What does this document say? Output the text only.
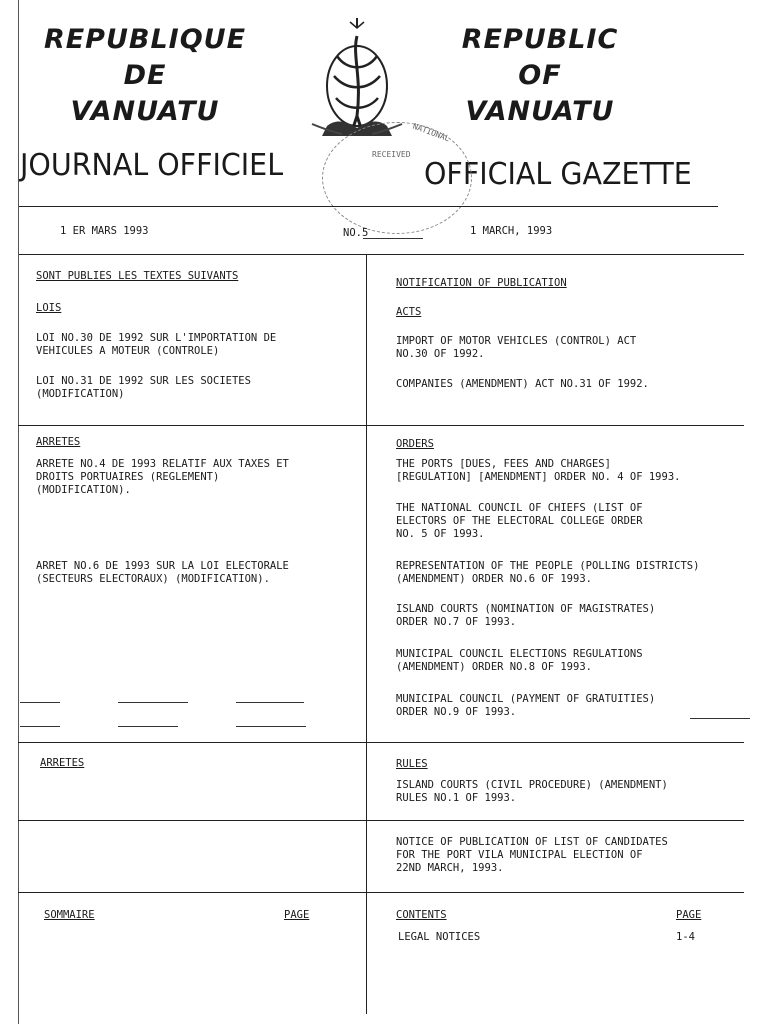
REPUBLIQUE
DE
VANUATU
REPUBLIC
OF
VANUATU
JOURNAL OFFICIEL	OFFICIAL GAZETTE
RECEIVED
NATIONAL
1 ER MARS 1993	NO.5	1 MARCH, 1993
SONT PUBLIES LES TEXTES SUIVANTS
LOIS
LOI NO.30 DE 1992 SUR L'IMPORTATION DE
VEHICULES A MOTEUR (CONTROLE)
LOI NO.31 DE 1992 SUR LES SOCIETES
(MODIFICATION)
NOTIFICATION OF PUBLICATION
ACTS
IMPORT OF MOTOR VEHICLES (CONTROL) ACT
NO.30 OF 1992.
COMPANIES (AMENDMENT) ACT NO.31 OF 1992.
ARRETES
ARRETE NO.4 DE 1993 RELATIF AUX TAXES ET
DROITS PORTUAIRES (REGLEMENT)
(MODIFICATION).
ARRET NO.6 DE 1993 SUR LA LOI ELECTORALE
(SECTEURS ELECTORAUX) (MODIFICATION).
ORDERS
THE PORTS [DUES, FEES AND CHARGES]
[REGULATION] [AMENDMENT] ORDER NO. 4 OF 1993.
THE NATIONAL COUNCIL OF CHIEFS (LIST OF
ELECTORS OF THE ELECTORAL COLLEGE ORDER
NO. 5 OF 1993.
REPRESENTATION OF THE PEOPLE (POLLING DISTRICTS)
(AMENDMENT) ORDER NO.6 OF 1993.
ISLAND COURTS (NOMINATION OF MAGISTRATES)
ORDER NO.7 OF 1993.
MUNICIPAL COUNCIL ELECTIONS REGULATIONS
(AMENDMENT) ORDER NO.8 OF 1993.
MUNICIPAL COUNCIL (PAYMENT OF GRATUITIES)
ORDER NO.9 OF 1993.
ARRETES	RULES
ISLAND COURTS (CIVIL PROCEDURE) (AMENDMENT)
RULES NO.1 OF 1993.
NOTICE OF PUBLICATION OF LIST OF CANDIDATES
FOR THE PORT VILA MUNICIPAL ELECTION OF
22ND MARCH, 1993.
SOMMAIRE	PAGE	CONTENTS	PAGE
LEGAL NOTICES	1-4
